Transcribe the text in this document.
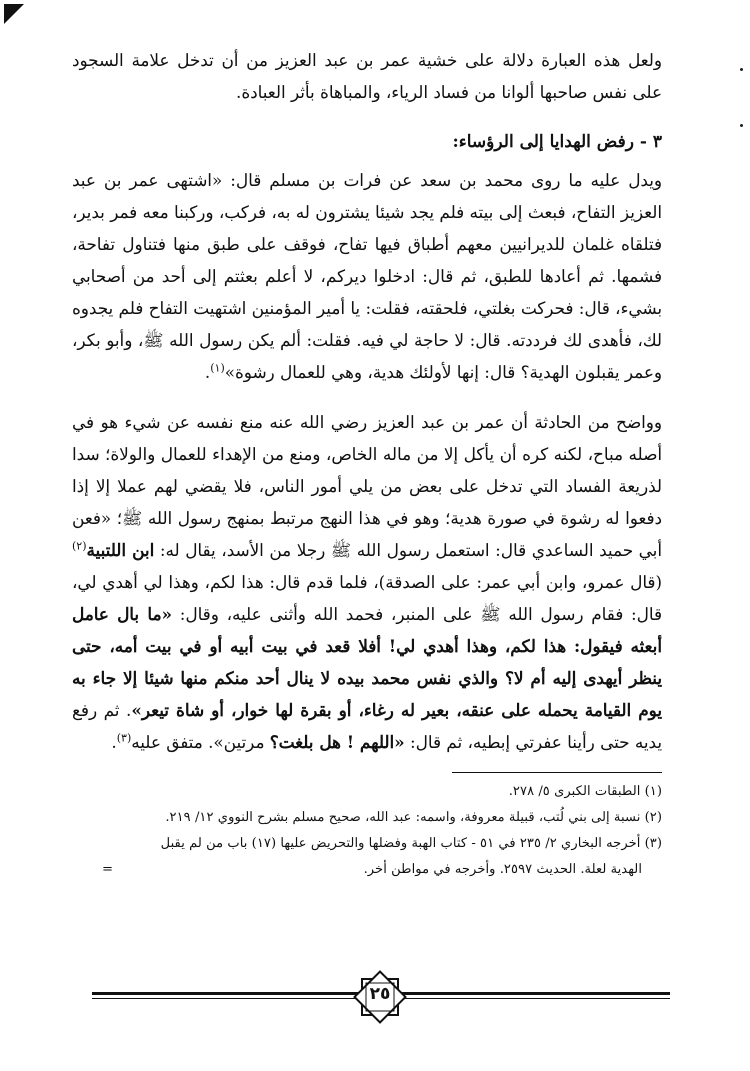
ولعل هذه العبارة دلالة على خشية عمر بن عبد العزيز من أن تدخل علامة السجود على نفس صاحبها ألوانا من فساد الرياء، والمباهاة بأثر العبادة.

٣ - رفض الهدايا إلى الرؤساء:

ويدل عليه ما روى محمد بن سعد عن فرات بن مسلم قال: «اشتهى عمر بن عبد العزيز التفاح، فبعث إلى بيته فلم يجد شيئا يشترون له به، فركب، وركبنا معه فمر بدير، فتلقاه غلمان للديرانيين معهم أطباق فيها تفاح، فوقف على طبق منها فتناول تفاحة، فشمها. ثم أعادها للطبق، ثم قال: ادخلوا ديركم، لا أعلم بعثتم إلى أحد من أصحابي بشيء، قال: فحركت بغلتي، فلحقته، فقلت: يا أمير المؤمنين اشتهيت التفاح فلم يجدوه لك، فأهدى لك فرددته. قال: لا حاجة لي فيه. فقلت: ألم يكن رسول الله ﷺ، وأبو بكر، وعمر يقبلون الهدية؟ قال: إنها لأولئك هدية، وهي للعمال رشوة»$^{(١)}$.

وواضح من الحادثة أن عمر بن عبد العزيز رضي الله عنه منع نفسه عن شيء هو في أصله مباح، لكنه كره أن يأكل إلا من ماله الخاص، ومنع من الإهداء للعمال والولاة؛ سدا لذريعة الفساد التي تدخل على بعض من يلي أمور الناس، فلا يقضي لهم عملا إلا إذا دفعوا له رشوة في صورة هدية؛ وهو في هذا النهج مرتبط بمنهج رسول الله ﷺ؛ «فعن أبي حميد الساعدي قال: استعمل رسول الله ﷺ رجلا من الأسد، يقال له: ابن اللتبية$^{(٢)}$ (قال عمرو، وابن أبي عمر: على الصدقة)، فلما قدم قال: هذا لكم، وهذا لي أهدي لي، قال: فقام رسول الله ﷺ على المنبر، فحمد الله وأثنى عليه، وقال: «ما بال عامل أبعثه فيقول: هذا لكم، وهذا أهدي لي! أفلا قعد في بيت أبيه أو في بيت أمه، حتى ينظر أيهدى إليه أم لا؟ والذي نفس محمد بيده لا ينال أحد منكم منها شيئا إلا جاء به يوم القيامة يحمله على عنقه، بعير له رغاء، أو بقرة لها خوار، أو شاة تيعر». ثم رفع يديه حتى رأينا عفرتي إبطيه، ثم قال: «اللهم ! هل بلغت؟ مرتين». متفق عليه$^{(٣)}$.

(١) الطبقات الكبرى ٥/ ٢٧٨.

(٢) نسبة إلى بني لُتب، قبيلة معروفة، واسمه: عبد الله، صحيح مسلم بشرح النووي ١٢/ ٢١٩.

(٣) أخرجه البخاري ٢/ ٢٣٥ في ٥١ - كتاب الهبة وفضلها والتحريض عليها (١٧) باب من لم يقبل

الهدية لعلة. الحديث ٢٥٩٧. وأخرجه في مواطن أخر.
=

٢٥
